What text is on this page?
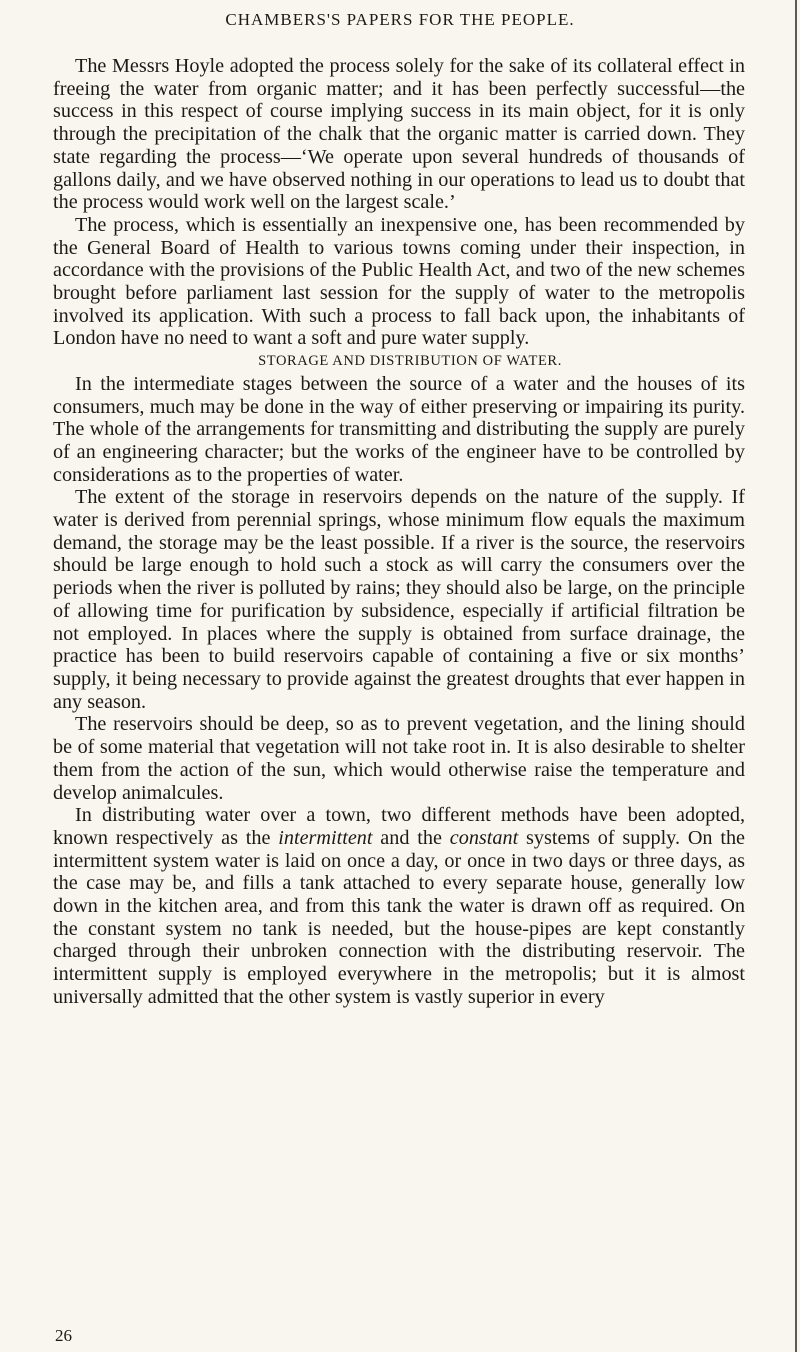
CHAMBERS'S PAPERS FOR THE PEOPLE.

The Messrs Hoyle adopted the process solely for the sake of its collateral effect in freeing the water from organic matter; and it has been perfectly successful—the success in this respect of course implying success in its main object, for it is only through the precipitation of the chalk that the organic matter is carried down. They state regarding the process—‘We operate upon several hundreds of thousands of gallons daily, and we have observed nothing in our operations to lead us to doubt that the process would work well on the largest scale.’

The process, which is essentially an inexpensive one, has been recommended by the General Board of Health to various towns coming under their inspection, in accordance with the provisions of the Public Health Act, and two of the new schemes brought before parliament last session for the supply of water to the metropolis involved its application. With such a process to fall back upon, the inhabitants of London have no need to want a soft and pure water supply.

STORAGE AND DISTRIBUTION OF WATER.

In the intermediate stages between the source of a water and the houses of its consumers, much may be done in the way of either preserving or impairing its purity. The whole of the arrangements for transmitting and distributing the supply are purely of an engineering character; but the works of the engineer have to be controlled by considerations as to the properties of water.

The extent of the storage in reservoirs depends on the nature of the supply. If water is derived from perennial springs, whose minimum flow equals the maximum demand, the storage may be the least possible. If a river is the source, the reservoirs should be large enough to hold such a stock as will carry the consumers over the periods when the river is polluted by rains; they should also be large, on the principle of allowing time for purification by subsidence, especially if artificial filtration be not employed. In places where the supply is obtained from surface drainage, the practice has been to build reservoirs capable of containing a five or six months’ supply, it being necessary to provide against the greatest droughts that ever happen in any season.

The reservoirs should be deep, so as to prevent vegetation, and the lining should be of some material that vegetation will not take root in. It is also desirable to shelter them from the action of the sun, which would otherwise raise the temperature and develop animalcules.

In distributing water over a town, two different methods have been adopted, known respectively as the intermittent and the constant systems of supply. On the intermittent system water is laid on once a day, or once in two days or three days, as the case may be, and fills a tank attached to every separate house, generally low down in the kitchen area, and from this tank the water is drawn off as required. On the constant system no tank is needed, but the house-pipes are kept constantly charged through their unbroken connection with the distributing reservoir. The intermittent supply is employed everywhere in the metropolis; but it is almost universally admitted that the other system is vastly superior in every

26
